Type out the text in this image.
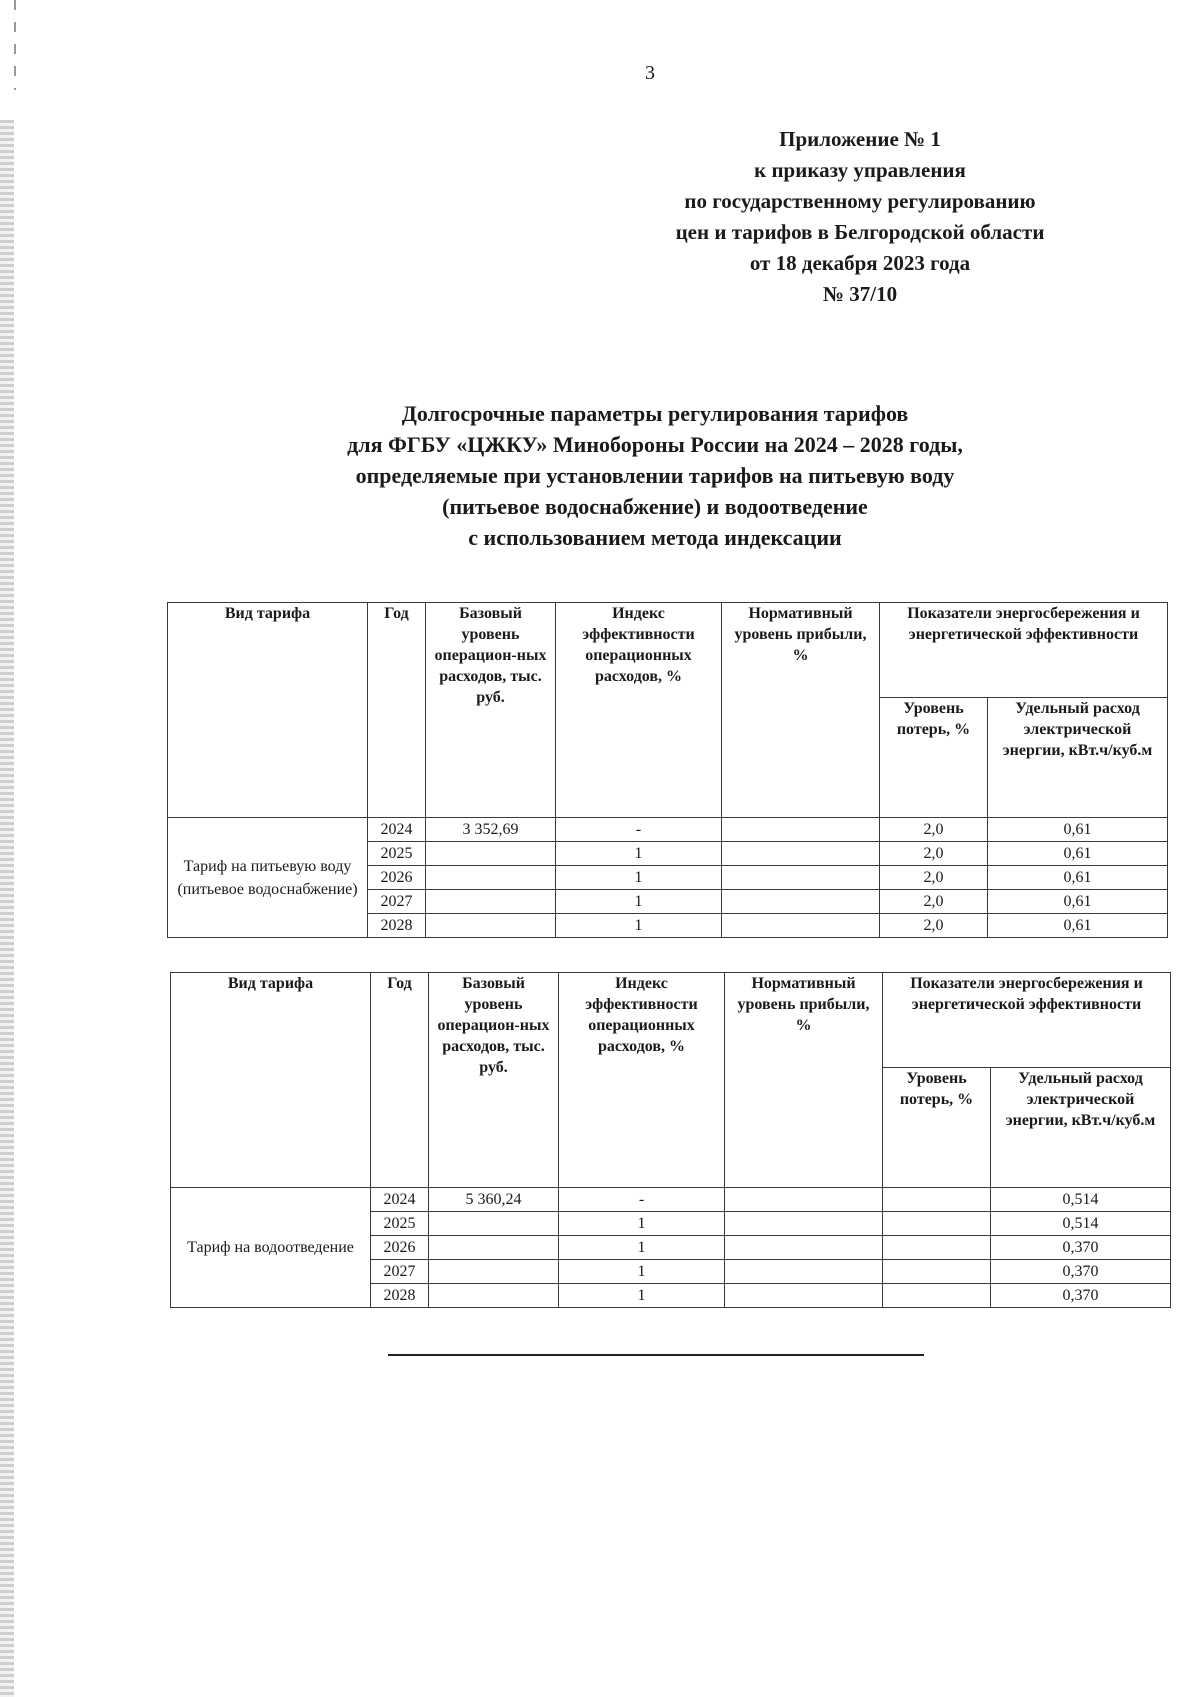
3
Приложение № 1
к приказу управления
по государственному регулированию
цен и тарифов в Белгородской области
от 18 декабря 2023 года
№ 37/10
Долгосрочные параметры регулирования тарифов
для ФГБУ «ЦЖКУ» Минобороны России на 2024 – 2028 годы,
определяемые при установлении тарифов на питьевую воду
(питьевое водоснабжение) и водоотведение
с использованием метода индексации
Вид тарифа	Год	Базовый уровень операцион-ных расходов, тыс. руб.	Индекс эффективности операционных расходов, %	Нормативный уровень прибыли, %	Показатели энергосбережения и энергетической эффективности	
					Уровень потерь, %	Удельный расход электрической энергии, кВт.ч/куб.м
Тариф на питьевую воду (питьевое водоснабжение)	2024	3 352,69	-		2,0	0,61
	2025		1		2,0	0,61
	2026		1		2,0	0,61
	2027		1		2,0	0,61
	2028		1		2,0	0,61
Вид тарифа	Год	Базовый уровень операцион-ных расходов, тыс. руб.	Индекс эффективности операционных расходов, %	Нормативный уровень прибыли, %	Показатели энергосбережения и энергетической эффективности	
					Уровень потерь, %	Удельный расход электрической энергии, кВт.ч/куб.м
Тариф на водоотведение	2024	5 360,24	-			0,514
	2025		1			0,514
	2026		1			0,370
	2027		1			0,370
	2028		1			0,370
